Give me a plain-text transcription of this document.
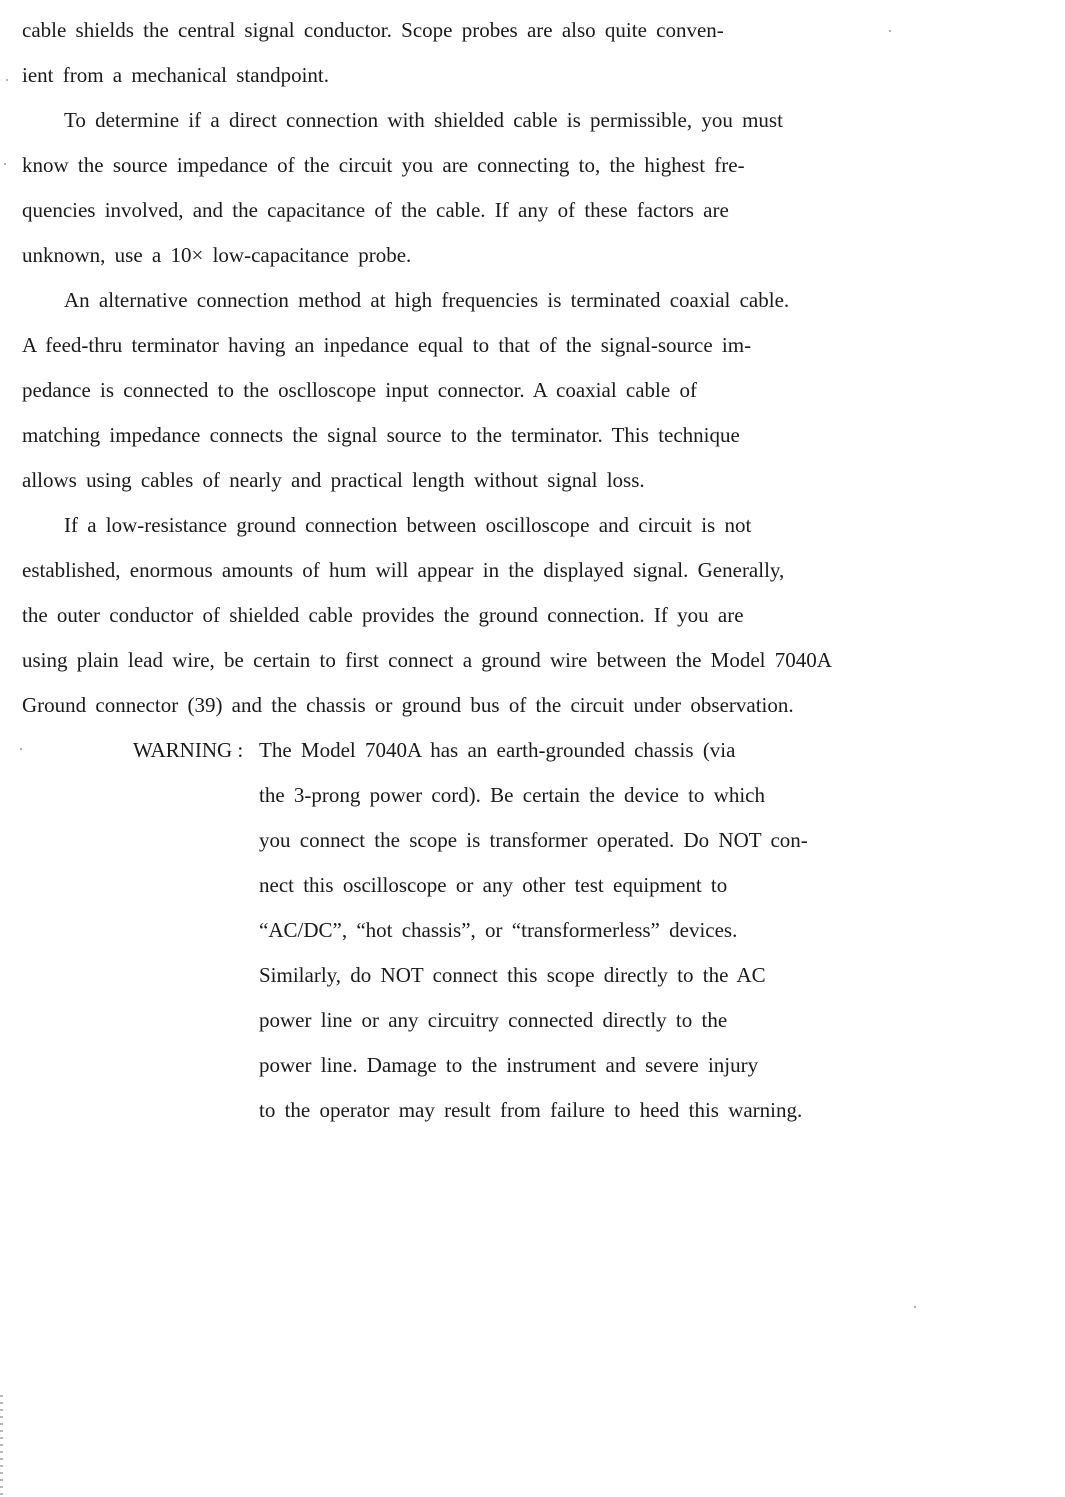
cable shields the central signal conductor. Scope probes are also quite conven-
ient from a mechanical standpoint.
To determine if a direct connection with shielded cable is permissible, you must
know the source impedance of the circuit you are connecting to, the highest fre-
quencies involved, and the capacitance of the cable. If any of these factors are
unknown, use a 10× low-capacitance probe.
An alternative connection method at high frequencies is terminated coaxial cable.
A feed-thru terminator having an inpedance equal to that of the signal-source im-
pedance is connected to the osclloscope input connector. A coaxial cable of
matching impedance connects the signal source to the terminator. This technique
allows using cables of nearly and practical length without signal loss.
If a low-resistance ground connection between oscilloscope and circuit is not
established, enormous amounts of hum will appear in the displayed signal. Generally,
the outer conductor of shielded cable provides the ground connection. If you are
using plain lead wire, be certain to first connect a ground wire between the Model 7040A
Ground connector (39) and the chassis or ground bus of the circuit under observation.
WARNING : The Model 7040A has an earth-grounded chassis (via
the 3-prong power cord). Be certain the device to which
you connect the scope is transformer operated. Do NOT con-
nect this oscilloscope or any other test equipment to
“AC/DC”, “hot chassis”, or “transformerless” devices.
Similarly, do NOT connect this scope directly to the AC
power line or any circuitry connected directly to the
power line. Damage to the instrument and severe injury
to the operator may result from failure to heed this warning.
